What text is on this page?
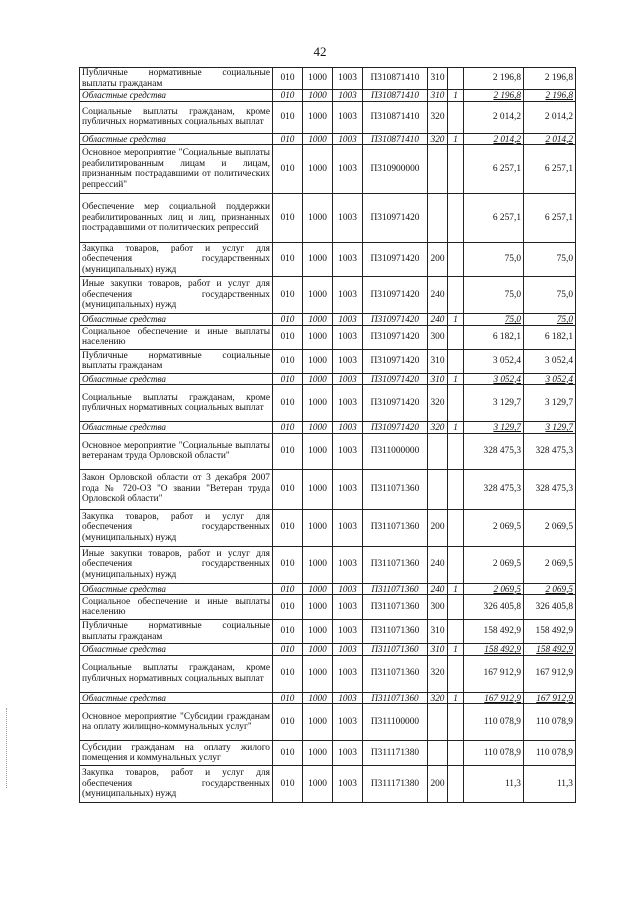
42
Публичные нормативные социальные выплаты гражданам	010	1000	1003	П310871410	310		2 196,8	2 196,8
Областные средства	010	1000	1003	П310871410	310	1	2 196,8	2 196,8
Социальные выплаты гражданам, кроме публичных нормативных социальных выплат	010	1000	1003	П310871410	320		2 014,2	2 014,2
Областные средства	010	1000	1003	П310871410	320	1	2 014,2	2 014,2
Основное мероприятие "Социальные выплаты реабилитированным лицам и лицам, признанным пострадавшими от политических репрессий"	010	1000	1003	П310900000			6 257,1	6 257,1
Обеспечение мер социальной поддержки реабилитированных лиц и лиц, признанных пострадавшими от политических репрессий	010	1000	1003	П310971420			6 257,1	6 257,1
Закупка товаров, работ и услуг для обеспечения государственных (муниципальных) нужд	010	1000	1003	П310971420	200		75,0	75,0
Иные закупки товаров, работ и услуг для обеспечения государственных (муниципальных) нужд	010	1000	1003	П310971420	240		75,0	75,0
Областные средства	010	1000	1003	П310971420	240	1	75,0	75,0
Социальное обеспечение и иные выплаты населению	010	1000	1003	П310971420	300		6 182,1	6 182,1
Публичные нормативные социальные выплаты гражданам	010	1000	1003	П310971420	310		3 052,4	3 052,4
Областные средства	010	1000	1003	П310971420	310	1	3 052,4	3 052,4
Социальные выплаты гражданам, кроме публичных нормативных социальных выплат	010	1000	1003	П310971420	320		3 129,7	3 129,7
Областные средства	010	1000	1003	П310971420	320	1	3 129,7	3 129,7
Основное мероприятие "Социальные выплаты ветеранам труда Орловской области"	010	1000	1003	П311000000			328 475,3	328 475,3
Закон Орловской области от 3 декабря 2007 года № 720-ОЗ "О звании "Ветеран труда Орловской области"	010	1000	1003	П311071360			328 475,3	328 475,3
Закупка товаров, работ и услуг для обеспечения государственных (муниципальных) нужд	010	1000	1003	П311071360	200		2 069,5	2 069,5
Иные закупки товаров, работ и услуг для обеспечения государственных (муниципальных) нужд	010	1000	1003	П311071360	240		2 069,5	2 069,5
Областные средства	010	1000	1003	П311071360	240	1	2 069,5	2 069,5
Социальное обеспечение и иные выплаты населению	010	1000	1003	П311071360	300		326 405,8	326 405,8
Публичные нормативные социальные выплаты гражданам	010	1000	1003	П311071360	310		158 492,9	158 492,9
Областные средства	010	1000	1003	П311071360	310	1	158 492,9	158 492,9
Социальные выплаты гражданам, кроме публичных нормативных социальных выплат	010	1000	1003	П311071360	320		167 912,9	167 912,9
Областные средства	010	1000	1003	П311071360	320	1	167 912,9	167 912,9
Основное мероприятие "Субсидии гражданам на оплату жилищно-коммунальных услуг"	010	1000	1003	П311100000			110 078,9	110 078,9
Субсидии гражданам на оплату жилого помещения и коммунальных услуг	010	1000	1003	П311171380			110 078,9	110 078,9
Закупка товаров, работ и услуг для обеспечения государственных (муниципальных) нужд	010	1000	1003	П311171380	200		11,3	11,3
